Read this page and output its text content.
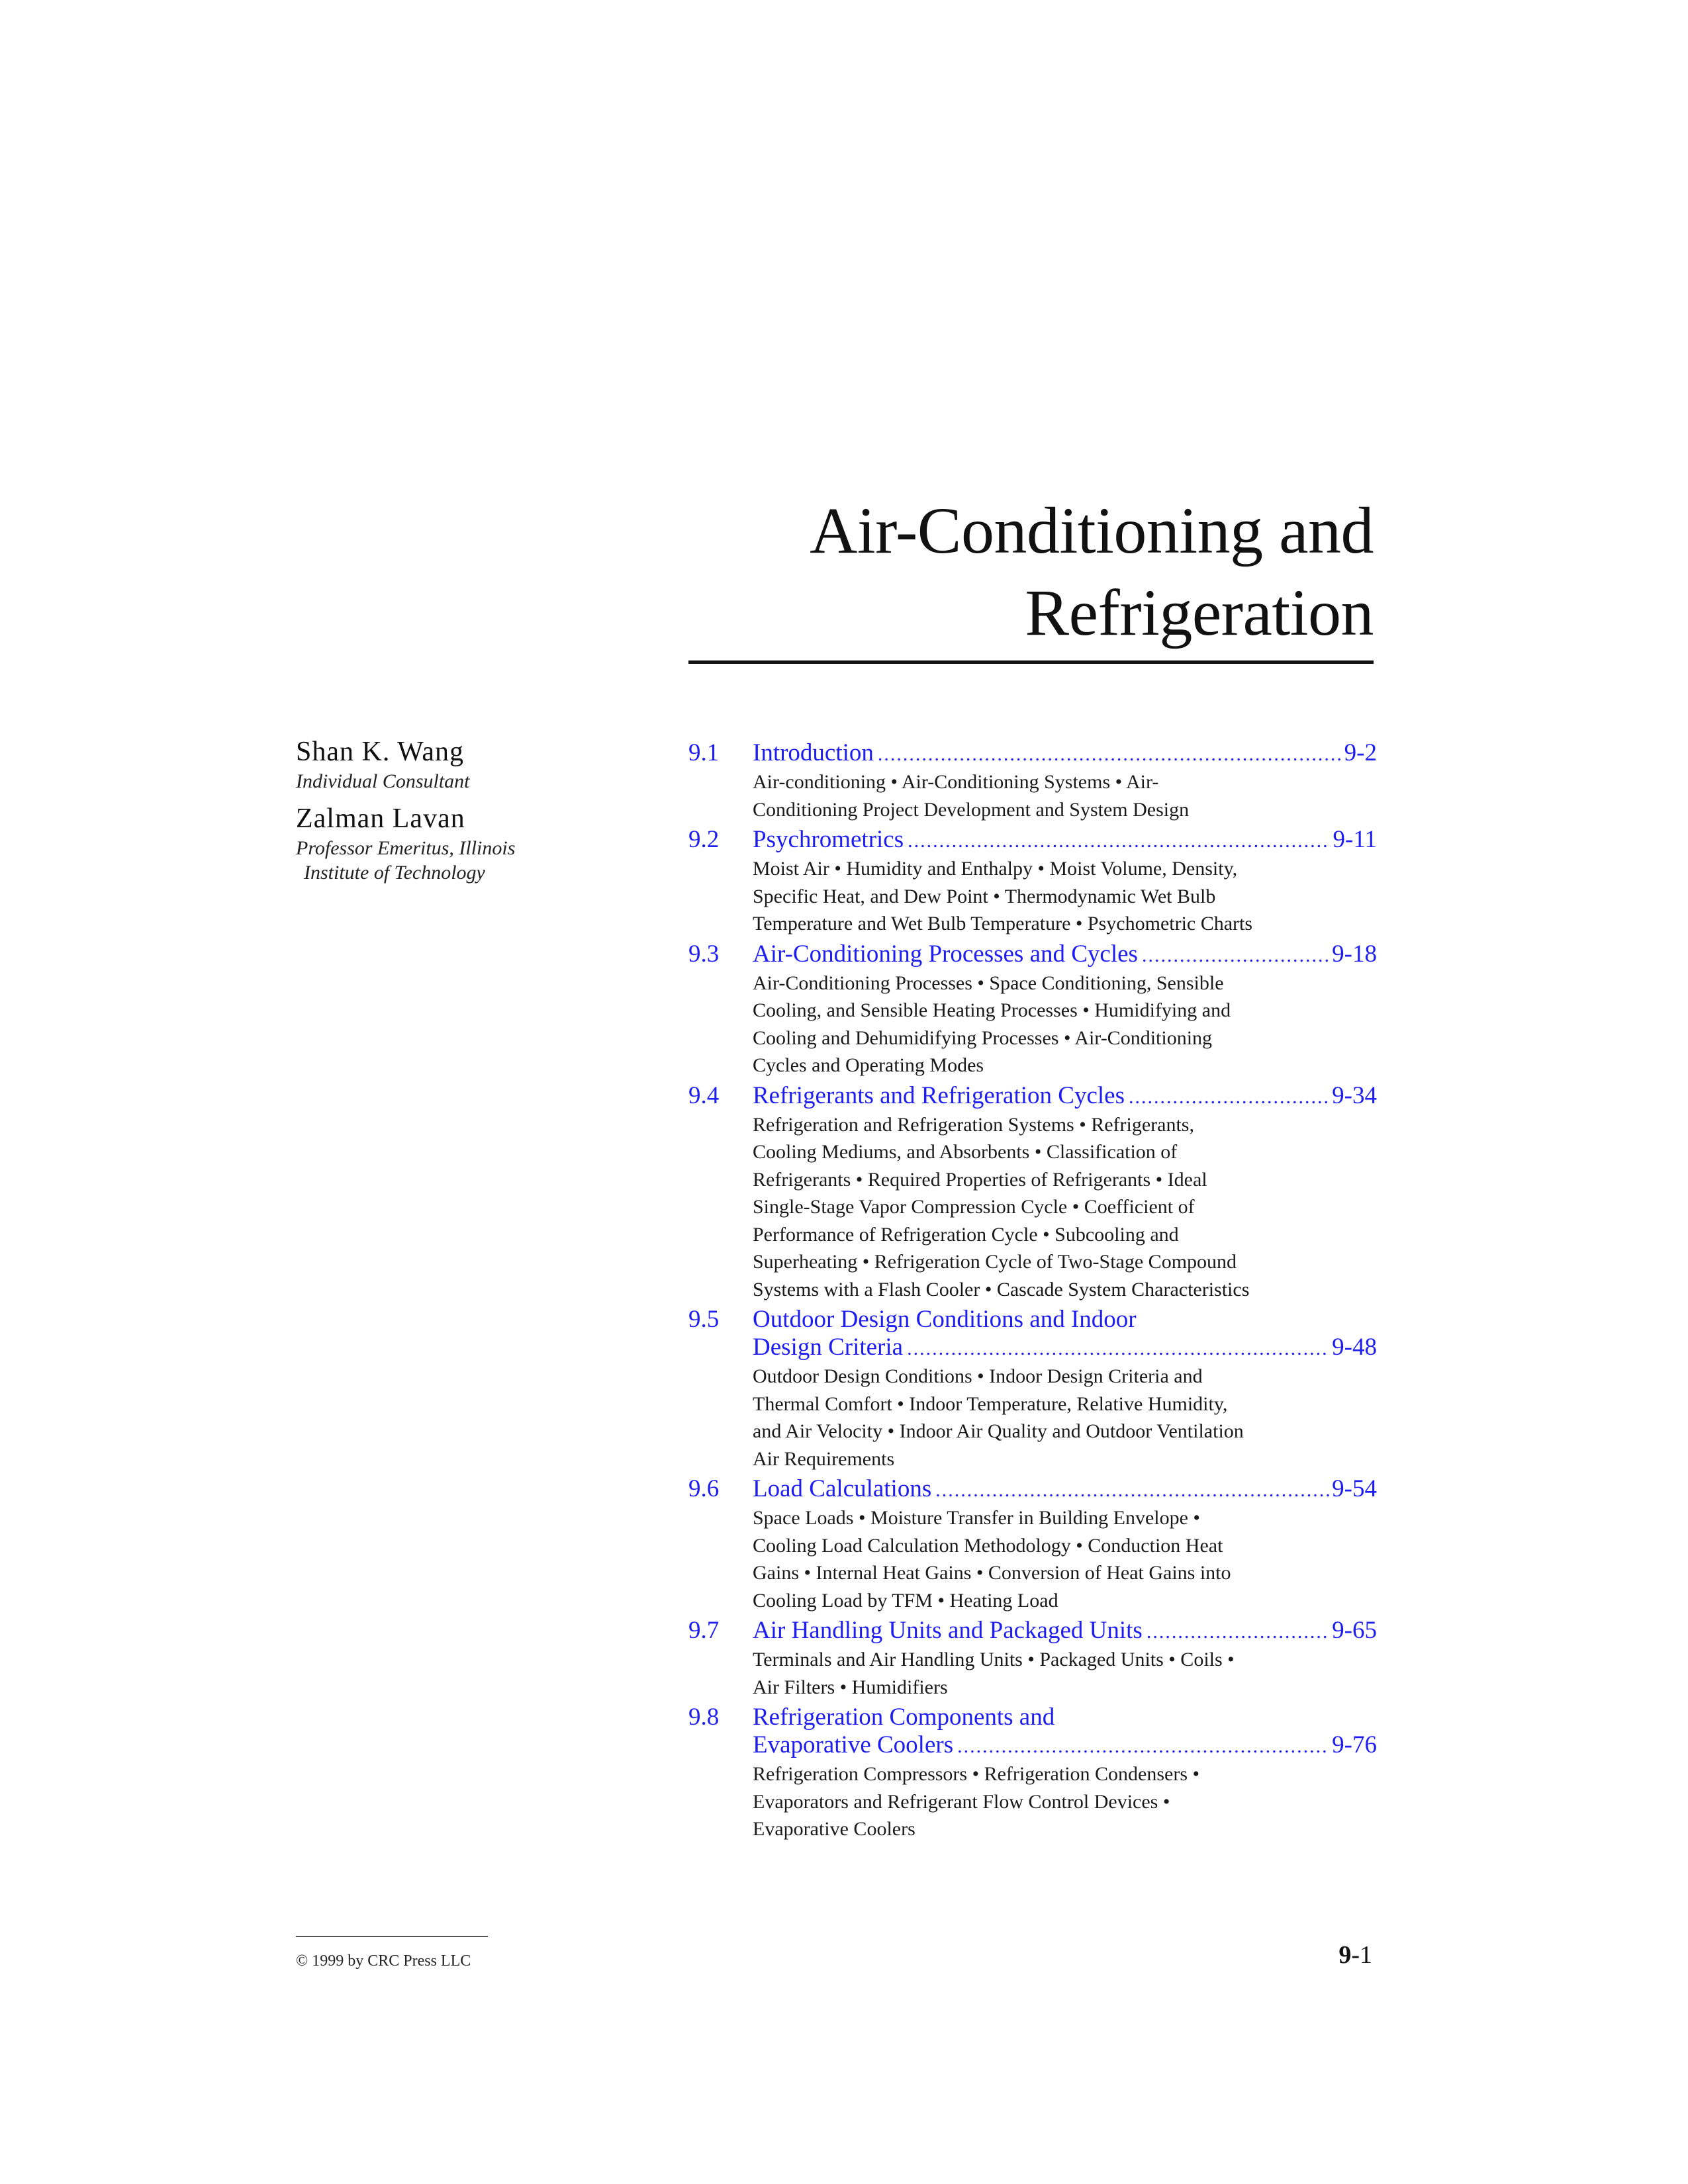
Air-Conditioning and
Refrigeration

Shan K. Wang

Individual Consultant

Zalman Lavan

Professor Emeritus, Illinois

Institute of Technology

9.1	Introduction .....	9-2
Air-conditioning • Air-Conditioning Systems • Air-
Conditioning Project Development and System Design
9.2	Psychrometrics .....	9-11
Moist Air • Humidity and Enthalpy • Moist Volume, Density,
Specific Heat, and Dew Point • Thermodynamic Wet Bulb
Temperature and Wet Bulb Temperature • Psychometric Charts
9.3	Air-Conditioning Processes and Cycles .....	9-18
Air-Conditioning Processes • Space Conditioning, Sensible
Cooling, and Sensible Heating Processes • Humidifying and
Cooling and Dehumidifying Processes • Air-Conditioning
Cycles and Operating Modes
9.4	Refrigerants and Refrigeration Cycles .....	9-34
Refrigeration and Refrigeration Systems • Refrigerants,
Cooling Mediums, and Absorbents • Classification of
Refrigerants • Required Properties of Refrigerants • Ideal
Single-Stage Vapor Compression Cycle • Coefficient of
Performance of Refrigeration Cycle • Subcooling and
Superheating • Refrigeration Cycle of Two-Stage Compound
Systems with a Flash Cooler • Cascade System Characteristics
9.5	Outdoor Design Conditions and Indoor
Design Criteria .....	9-48
Outdoor Design Conditions • Indoor Design Criteria and
Thermal Comfort • Indoor Temperature, Relative Humidity,
and Air Velocity • Indoor Air Quality and Outdoor Ventilation
Air Requirements
9.6	Load Calculations .....	9-54
Space Loads • Moisture Transfer in Building Envelope •
Cooling Load Calculation Methodology • Conduction Heat
Gains • Internal Heat Gains • Conversion of Heat Gains into
Cooling Load by TFM • Heating Load
9.7	Air Handling Units and Packaged Units .....	9-65
Terminals and Air Handling Units • Packaged Units • Coils •
Air Filters • Humidifiers
9.8	Refrigeration Components and
Evaporative Coolers .....	9-76
Refrigeration Compressors • Refrigeration Condensers •
Evaporators and Refrigerant Flow Control Devices •
Evaporative Coolers
© 1999 by CRC Press LLC	9-1
